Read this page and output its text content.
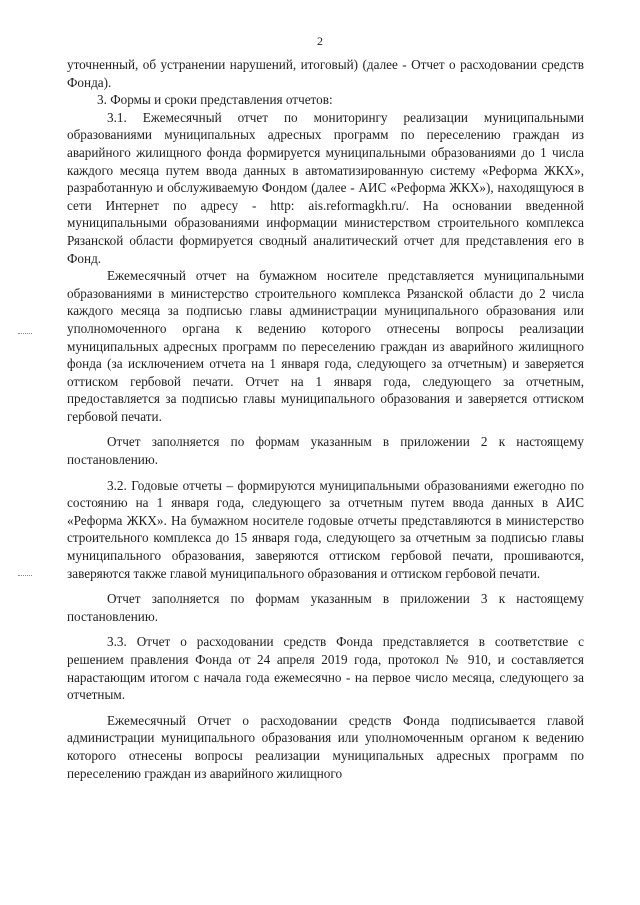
2

уточненный, об устранении нарушений, итоговый) (далее - Отчет о расходовании средств Фонда).

3. Формы и сроки представления отчетов:

3.1. Ежемесячный отчет по мониторингу реализации муниципальными образованиями муниципальных адресных программ по переселению граждан из аварийного жилищного фонда формируется муниципальными образованиями до 1 числа каждого месяца путем ввода данных в автоматизированную систему «Реформа ЖКХ», разработанную и обслуживаемую Фондом (далее - АИС «Реформа ЖКХ»), находящуюся в сети Интернет по адресу - http: ais.reformagkh.ru/. На основании введенной муниципальными образованиями информации министерством строительного комплекса Рязанской области формируется сводный аналитический отчет для представления его в Фонд.

Ежемесячный отчет на бумажном носителе представляется муниципальными образованиями в министерство строительного комплекса Рязанской области до 2 числа каждого месяца за подписью главы администрации муниципального образования или уполномоченного органа к ведению которого отнесены вопросы реализации муниципальных адресных программ по переселению граждан из аварийного жилищного фонда (за исключением отчета на 1 января года, следующего за отчетным) и заверяется оттиском гербовой печати. Отчет на 1 января года, следующего за отчетным, предоставляется за подписью главы муниципального образования и заверяется оттиском гербовой печати.

Отчет заполняется по формам указанным в приложении 2 к настоящему постановлению.

3.2. Годовые отчеты – формируются муниципальными образованиями ежегодно по состоянию на 1 января года, следующего за отчетным путем ввода данных в АИС «Реформа ЖКХ». На бумажном носителе годовые отчеты представляются в министерство строительного комплекса до 15 января года, следующего за отчетным за подписью главы муниципального образования, заверяются оттиском гербовой печати, прошиваются, заверяются также главой муниципального образования и оттиском гербовой печати.

Отчет заполняется по формам указанным в приложении 3 к настоящему постановлению.

3.3. Отчет о расходовании средств Фонда представляется в соответствие с решением правления Фонда от 24 апреля 2019 года, протокол № 910, и составляется нарастающим итогом с начала года ежемесячно - на первое число месяца, следующего за отчетным.

Ежемесячный Отчет о расходовании средств Фонда подписывается главой администрации муниципального образования или уполномоченным органом к ведению которого отнесены вопросы реализации муниципальных адресных программ по переселению граждан из аварийного жилищного
